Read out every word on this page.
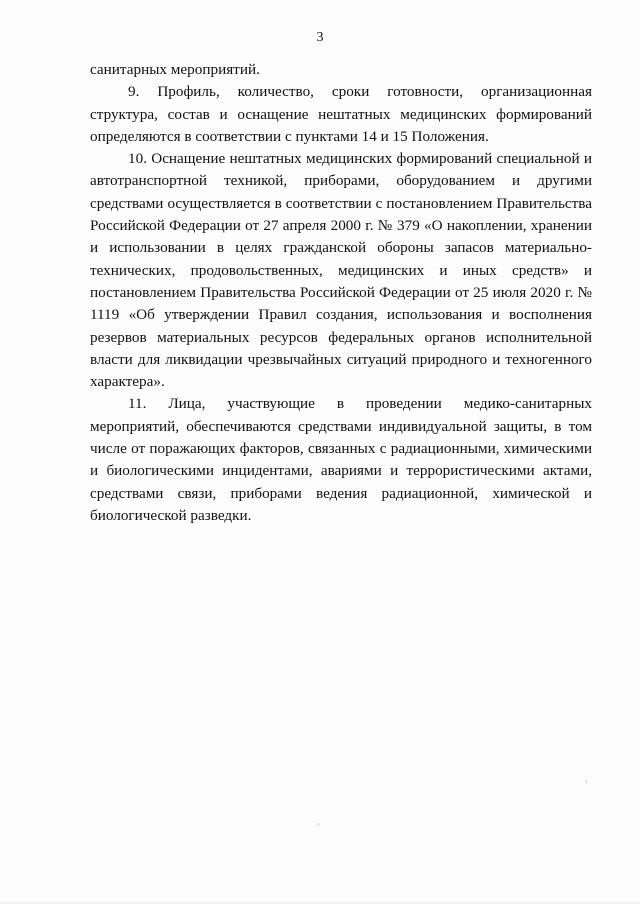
3

санитарных мероприятий.

9. Профиль, количество, сроки готовности, организационная структура, состав и оснащение нештатных медицинских формирований определяются в соответствии с пунктами 14 и 15 Положения.

10. Оснащение нештатных медицинских формирований специальной и автотранспортной техникой, приборами, оборудованием и другими средствами осуществляется в соответствии с постановлением Правительства Российской Федерации от 27 апреля 2000 г. № 379 «О накоплении, хранении и использовании в целях гражданской обороны запасов материально-технических, продовольственных, медицинских и иных средств» и постановлением Правительства Российской Федерации от 25 июля 2020 г. № 1119 «Об утверждении Правил создания, использования и восполнения резервов материальных ресурсов федеральных органов исполнительной власти для ликвидации чрезвычайных ситуаций природного и техногенного характера».

11. Лица, участвующие в проведении медико-санитарных мероприятий, обеспечиваются средствами индивидуальной защиты, в том числе от поражающих факторов, связанных с радиационными, химическими и биологическими инцидентами, авариями и террористическими актами, средствами связи, приборами ведения радиационной, химической и биологической разведки.
